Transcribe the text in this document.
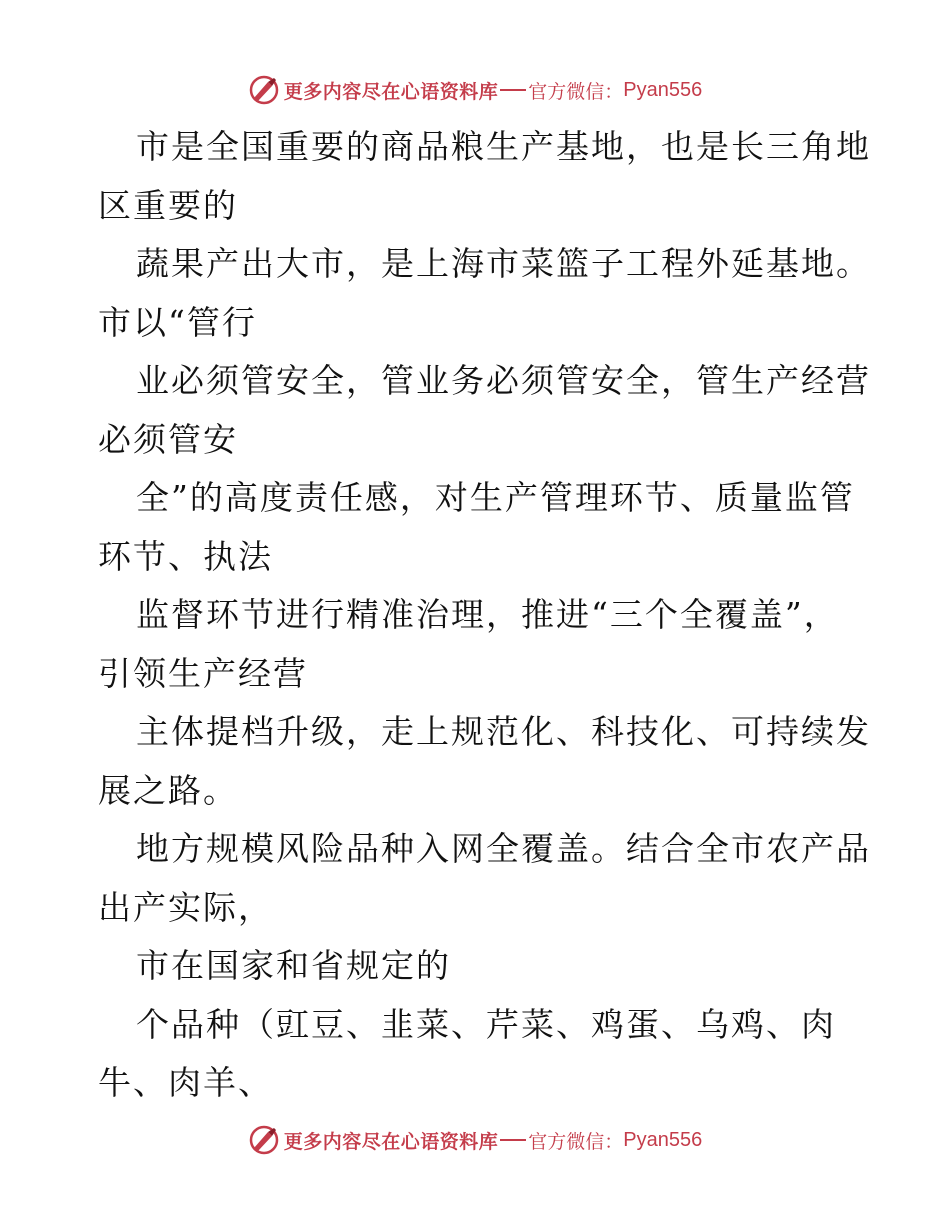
更多内容尽在心语资料库 官方微信： Pyan556
市是全国重要的商品粮生产基地，也是长三角地
区重要的
蔬果产出大市，是上海市菜篮子工程外延基地。
市以“管行
业必须管安全，管业务必须管安全，管生产经营
必须管安
全”的高度责任感，对生产管理环节、质量监管
环节、执法
监督环节进行精准治理，推进“三个全覆盖”，
引领生产经营
主体提档升级，走上规范化、科技化、可持续发
展之路。
地方规模风险品种入网全覆盖。结合全市农产品
出产实际，
市在国家和省规定的
个品种（豇豆、韭菜、芹菜、鸡蛋、乌鸡、肉
牛、肉羊、
更多内容尽在心语资料库 官方微信： Pyan556
